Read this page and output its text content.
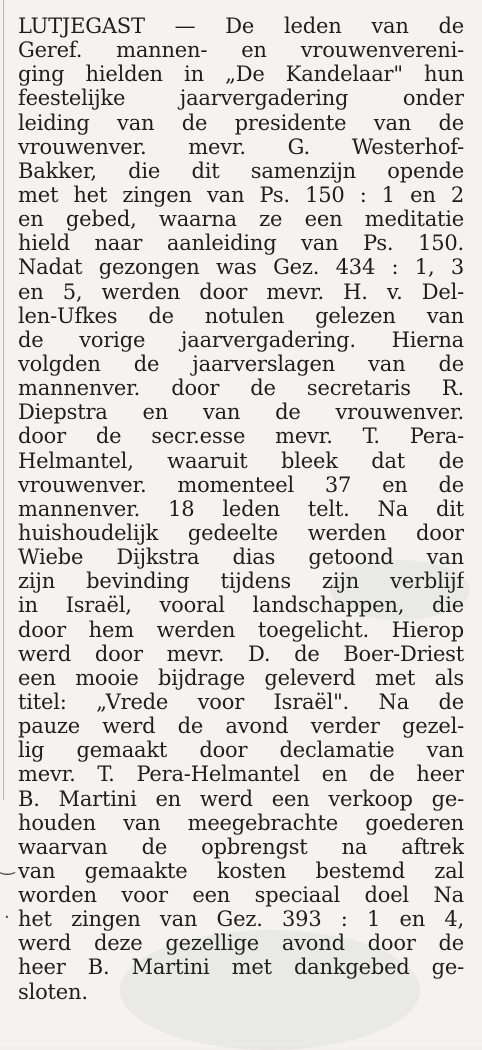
‿
.
LUTJEGAST — De leden van de
Geref. mannen- en vrouwenvereni-
ging hielden in „De Kandelaar" hun
feestelijke jaarvergadering onder
leiding van de presidente van de
vrouwenver. mevr. G. Westerhof-
Bakker, die dit samenzijn opende
met het zingen van Ps. 150 : 1 en 2
en gebed, waarna ze een meditatie
hield naar aanleiding van Ps. 150.
Nadat gezongen was Gez. 434 : 1, 3
en 5, werden door mevr. H. v. Del-
len-Ufkes de notulen gelezen van
de vorige jaarvergadering. Hierna
volgden de jaarverslagen van de
mannenver. door de secretaris R.
Diepstra en van de vrouwenver.
door de secr.esse mevr. T. Pera-
Helmantel, waaruit bleek dat de
vrouwenver. momenteel 37 en de
mannenver. 18 leden telt. Na dit
huishoudelijk gedeelte werden door
Wiebe Dijkstra dias getoond van
zijn bevinding tijdens zijn verblijf
in Israël, vooral landschappen, die
door hem werden toegelicht. Hierop
werd door mevr. D. de Boer-Driest
een mooie bijdrage geleverd met als
titel: „Vrede voor Israël". Na de
pauze werd de avond verder gezel-
lig gemaakt door declamatie van
mevr. T. Pera-Helmantel en de heer
B. Martini en werd een verkoop ge-
houden van meegebrachte goederen
waarvan de opbrengst na aftrek
van gemaakte kosten bestemd zal
worden voor een speciaal doel Na
het zingen van Gez. 393 : 1 en 4,
werd deze gezellige avond door de
heer B. Martini met dankgebed ge-
sloten.
